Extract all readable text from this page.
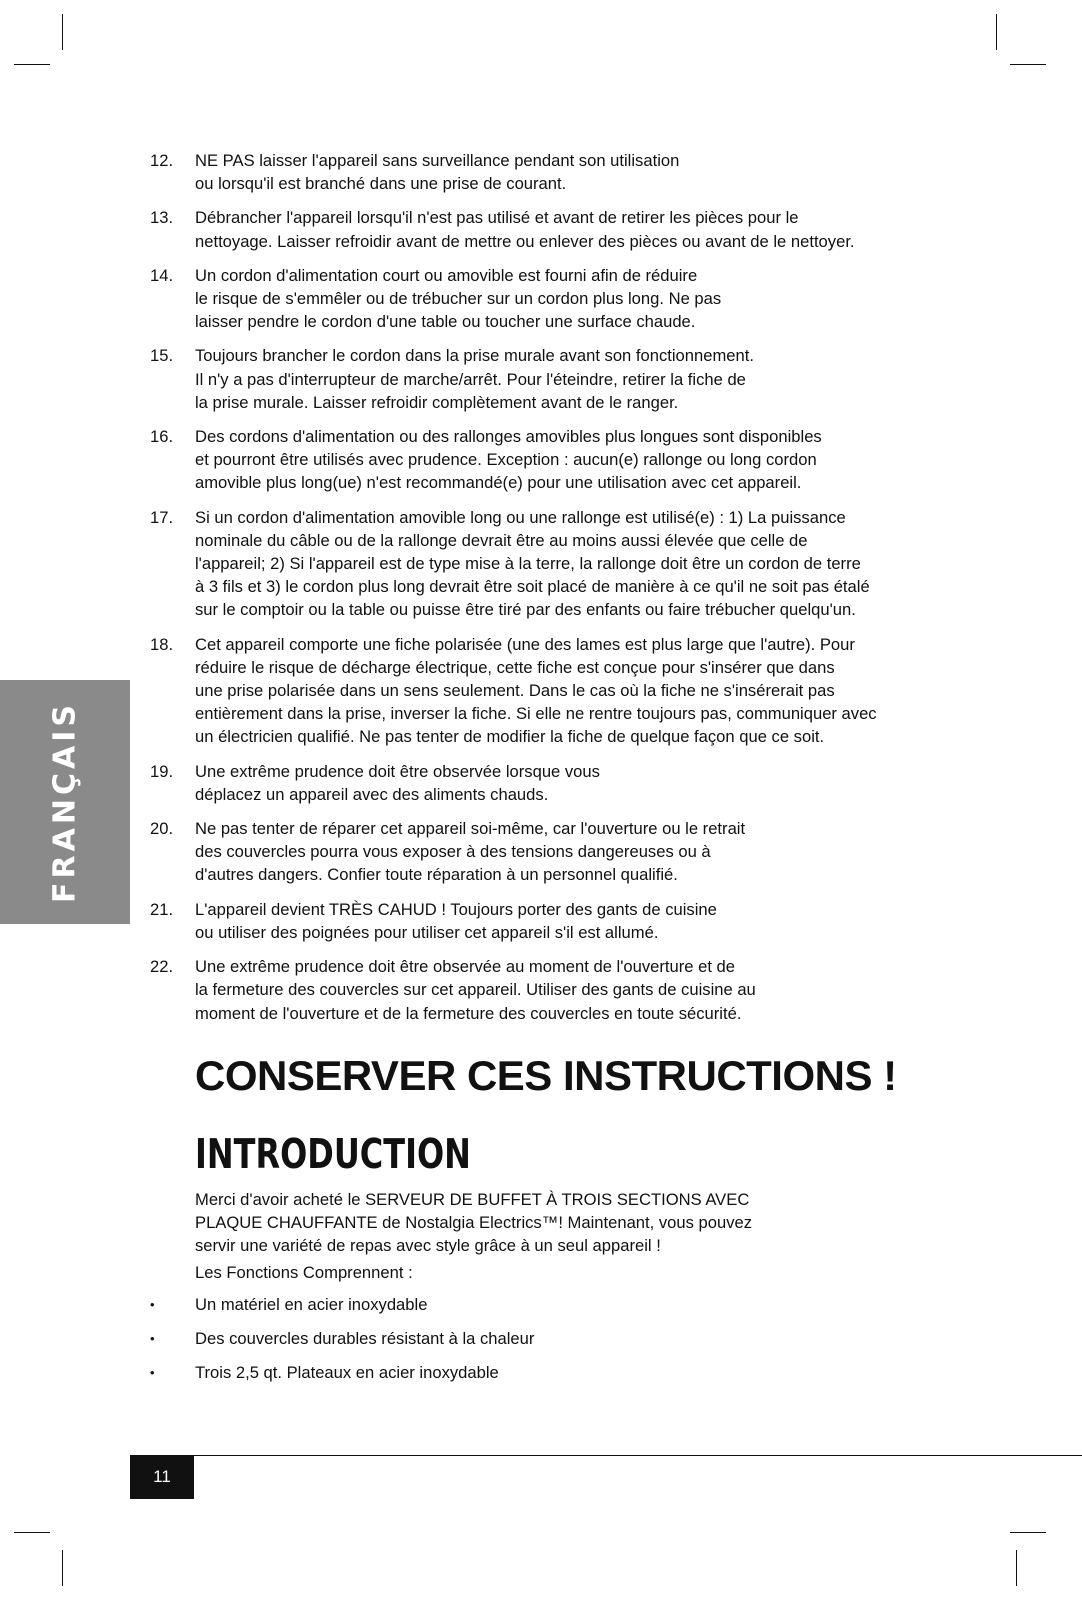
FRANÇAIS
12. NE PAS laisser l'appareil sans surveillance pendant son utilisation
ou lorsqu'il est branché dans une prise de courant.
13. Débrancher l'appareil lorsqu'il n'est pas utilisé et avant de retirer les pièces pour le
nettoyage. Laisser refroidir avant de mettre ou enlever des pièces ou avant de le nettoyer.
14. Un cordon d'alimentation court ou amovible est fourni afin de réduire
le risque de s'emmêler ou de trébucher sur un cordon plus long. Ne pas
laisser pendre le cordon d'une table ou toucher une surface chaude.
15. Toujours brancher le cordon dans la prise murale avant son fonctionnement.
Il n'y a pas d'interrupteur de marche/arrêt. Pour l'éteindre, retirer la fiche de
la prise murale. Laisser refroidir complètement avant de le ranger.
16. Des cordons d'alimentation ou des rallonges amovibles plus longues sont disponibles
et pourront être utilisés avec prudence. Exception : aucun(e) rallonge ou long cordon
amovible plus long(ue) n'est recommandé(e) pour une utilisation avec cet appareil.
17. Si un cordon d'alimentation amovible long ou une rallonge est utilisé(e) : 1) La puissance
nominale du câble ou de la rallonge devrait être au moins aussi élevée que celle de
l'appareil; 2) Si l'appareil est de type mise à la terre, la rallonge doit être un cordon de terre
à 3 fils et 3) le cordon plus long devrait être soit placé de manière à ce qu'il ne soit pas étalé
sur le comptoir ou la table ou puisse être tiré par des enfants ou faire trébucher quelqu'un.
18. Cet appareil comporte une fiche polarisée (une des lames est plus large que l'autre). Pour
réduire le risque de décharge électrique, cette fiche est conçue pour s'insérer que dans
une prise polarisée dans un sens seulement. Dans le cas où la fiche ne s'insérerait pas
entièrement dans la prise, inverser la fiche. Si elle ne rentre toujours pas, communiquer avec
un électricien qualifié. Ne pas tenter de modifier la fiche de quelque façon que ce soit.
19. Une extrême prudence doit être observée lorsque vous
déplacez un appareil avec des aliments chauds.
20. Ne pas tenter de réparer cet appareil soi-même, car l'ouverture ou le retrait
des couvercles pourra vous exposer à des tensions dangereuses ou à
d'autres dangers. Confier toute réparation à un personnel qualifié.
21. L'appareil devient TRÈS CAHUD ! Toujours porter des gants de cuisine
ou utiliser des poignées pour utiliser cet appareil s'il est allumé.
22. Une extrême prudence doit être observée au moment de l'ouverture et de
la fermeture des couvercles sur cet appareil. Utiliser des gants de cuisine au
moment de l'ouverture et de la fermeture des couvercles en toute sécurité.
CONSERVER CES INSTRUCTIONS !
INTRODUCTION

Merci d'avoir acheté le SERVEUR DE BUFFET À TROIS SECTIONS AVEC
PLAQUE CHAUFFANTE de Nostalgia Electrics™! Maintenant, vous pouvez
servir une variété de repas avec style grâce à un seul appareil !

Les Fonctions Comprennent :

• Un matériel en acier inoxydable
• Des couvercles durables résistant à la chaleur
• Trois 2,5 qt. Plateaux en acier inoxydable
11
